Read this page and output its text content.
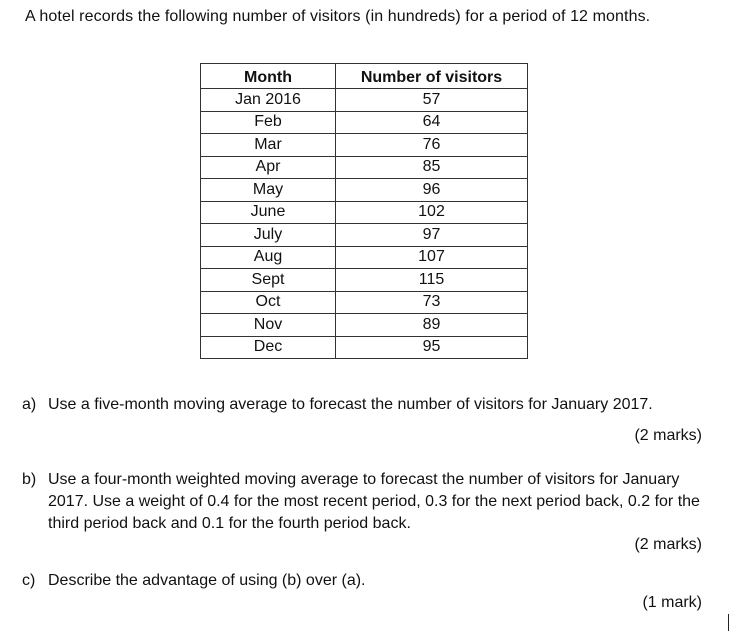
A hotel records the following number of visitors (in hundreds) for a period of 12 months.
Month	Number of visitors
Jan 2016	57
Feb	64
Mar	76
Apr	85
May	96
June	102
July	97
Aug	107
Sept	115
Oct	73
Nov	89
Dec	95
a) Use a five-month moving average to forecast the number of visitors for January 2017.
(2 marks)
b) Use a four-month weighted moving average to forecast the number of visitors for January 2017. Use a weight of 0.4 for the most recent period, 0.3 for the next period back, 0.2 for the third period back and 0.1 for the fourth period back.
(2 marks)
c) Describe the advantage of using (b) over (a).
(1 mark)
